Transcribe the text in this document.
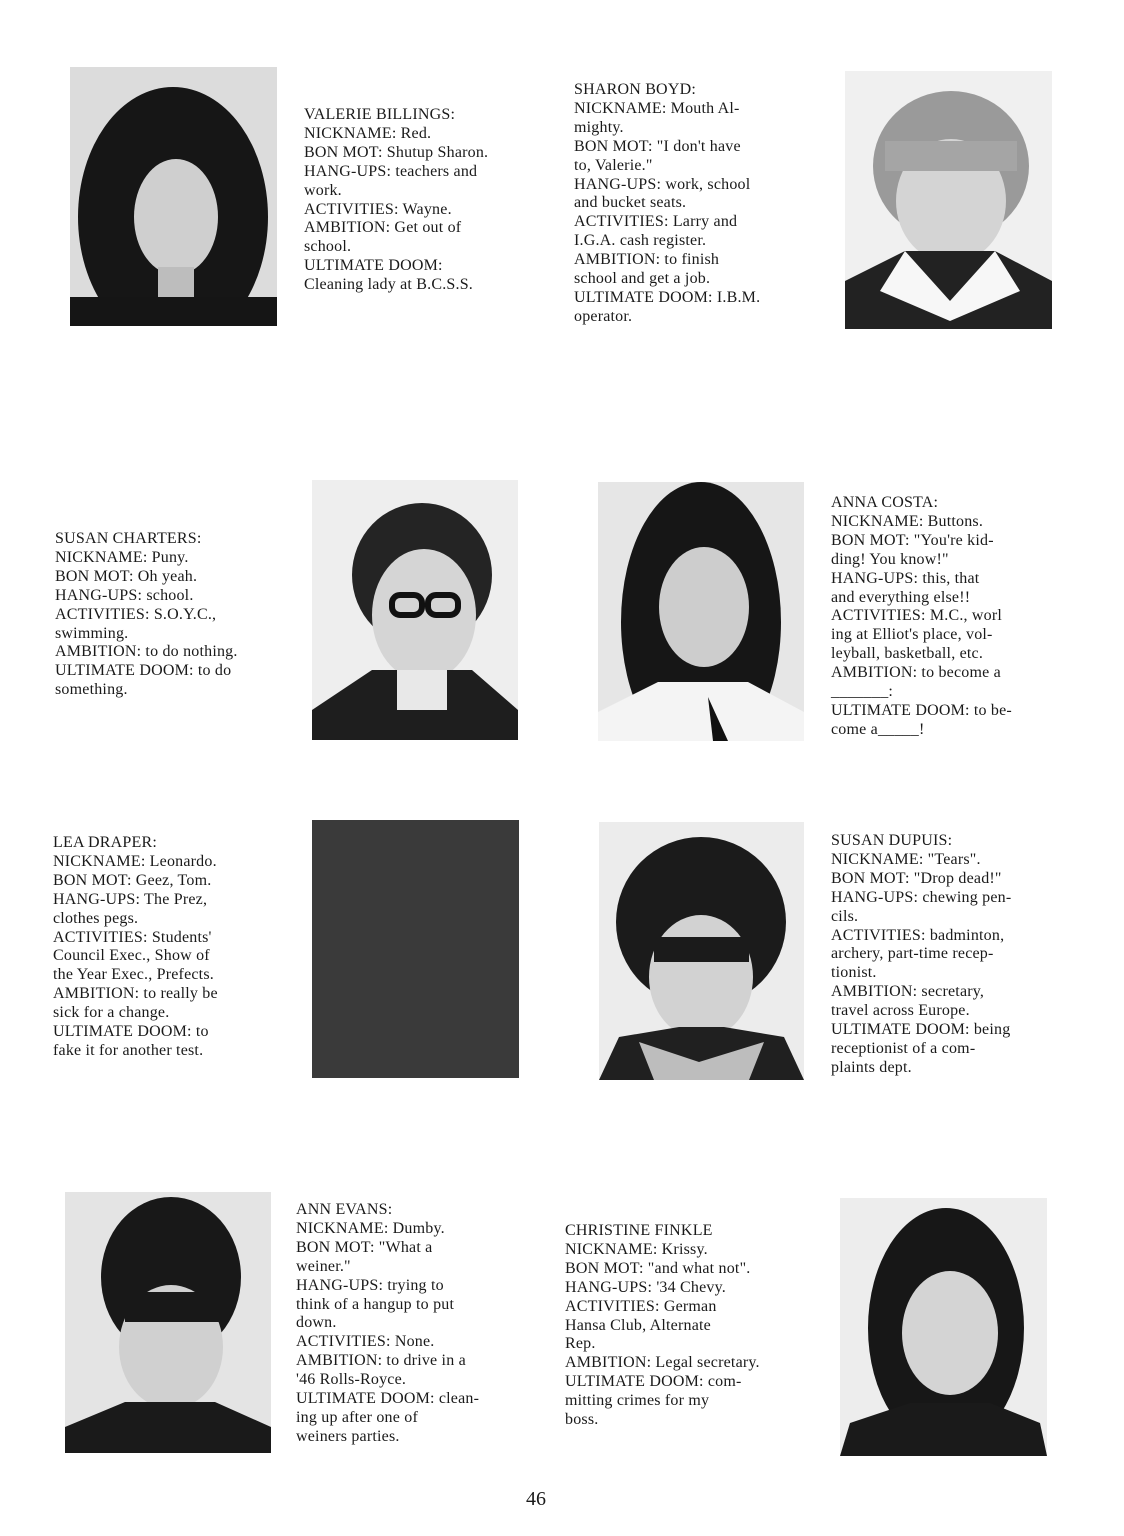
VALERIE BILLINGS:
NICKNAME: Red.
BON MOT: Shutup Sharon.
HANG-UPS: teachers and
work.
ACTIVITIES: Wayne.
AMBITION: Get out of
school.
ULTIMATE DOOM:
Cleaning lady at B.C.S.S.
SHARON BOYD:
NICKNAME: Mouth Al-
mighty.
BON MOT: "I don't have
to, Valerie."
HANG-UPS: work, school
and bucket seats.
ACTIVITIES: Larry and
I.G.A. cash register.
AMBITION: to finish
school and get a job.
ULTIMATE DOOM: I.B.M.
operator.
SUSAN CHARTERS:
NICKNAME: Puny.
BON MOT: Oh yeah.
HANG-UPS: school.
ACTIVITIES: S.O.Y.C.,
swimming.
AMBITION: to do nothing.
ULTIMATE DOOM: to do
something.
ANNA COSTA:
NICKNAME: Buttons.
BON MOT: "You're kid-
ding! You know!"
HANG-UPS: this, that
and everything else!!
ACTIVITIES: M.C., worl
ing at Elliot's place, vol-
leyball, basketball, etc.
AMBITION: to become a
_______:
ULTIMATE DOOM: to be-
come a_____!
LEA DRAPER:
NICKNAME: Leonardo.
BON MOT: Geez, Tom.
HANG-UPS: The Prez,
clothes pegs.
ACTIVITIES: Students'
Council Exec., Show of
the Year Exec., Prefects.
AMBITION: to really be
sick for a change.
ULTIMATE DOOM: to
fake it for another test.
SUSAN DUPUIS:
NICKNAME: "Tears".
BON MOT: "Drop dead!"
HANG-UPS: chewing pen-
cils.
ACTIVITIES: badminton,
archery, part-time recep-
tionist.
AMBITION: secretary,
travel across Europe.
ULTIMATE DOOM: being
receptionist of a com-
plaints dept.
ANN EVANS:
NICKNAME: Dumby.
BON MOT: "What a
weiner."
HANG-UPS: trying to
think of a hangup to put
down.
ACTIVITIES: None.
AMBITION: to drive in a
'46 Rolls-Royce.
ULTIMATE DOOM: clean-
ing up after one of
weiners parties.
CHRISTINE FINKLE
NICKNAME: Krissy.
BON MOT: "and what not".
HANG-UPS: '34 Chevy.
ACTIVITIES: German
Hansa Club, Alternate
Rep.
AMBITION: Legal secretary.
ULTIMATE DOOM: com-
mitting crimes for my
boss.
46
